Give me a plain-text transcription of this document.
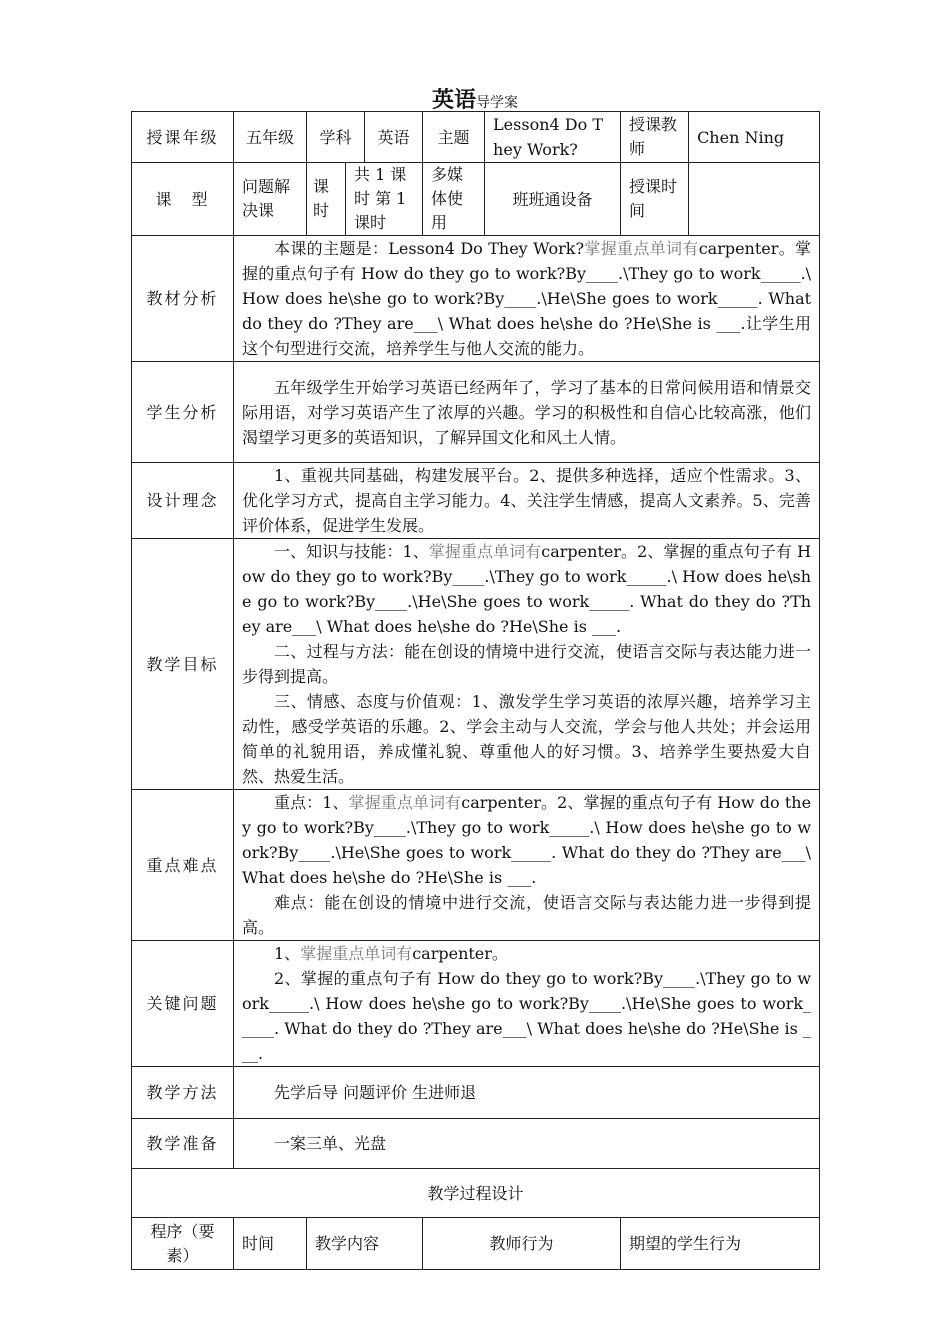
英语导学案
授课年级	五年级	学科		英语	主题	Lesson4 Do They Work?	授课教师	Chen Ning
课　型	问题解决课	课时	共 1 课时 第 1 课时		多媒体使用	班班通设备	授课时间	
教材分析	本课的主题是：Lesson4 Do They Work?掌握重点单词有carpenter。掌握的重点句子有 How do they go to work?By____.\They go to work_____.\ How does he\she go to work?By____.\He\She goes to work_____. What do they do ?They are___\ What does he\she do ?He\She is ___.让学生用这个句型进行交流，培养学生与他人交流的能力。							

学生分析	五年级学生开始学习英语已经两年了，学习了基本的日常问候用语和情景交际用语，对学习英语产生了浓厚的兴趣。学习的积极性和自信心比较高涨，他们渴望学习更多的英语知识，了解异国文化和风土人情。							

设计理念	1、重视共同基础，构建发展平台。2、提供多种选择，适应个性需求。3、优化学习方式，提高自主学习能力。4、关注学生情感，提高人文素养。5、完善评价体系，促进学生发展。							

教学目标	一、知识与技能：1、掌握重点单词有carpenter。2、掌握的重点句子有 How do they go to work?By____.\They go to work_____.\ How does he\she go to work?By____.\He\She goes to work_____. What do they do ?They are___\ What does he\she do ?He\She is ___.
二、过程与方法：能在创设的情境中进行交流，使语言交际与表达能力进一步得到提高。
三、情感、态度与价值观：1、激发学生学习英语的浓厚兴趣，培养学习主动性，感受学英语的乐趣。2、学会主动与人交流，学会与他人共处；并会运用简单的礼貌用语，养成懂礼貌、尊重他人的好习惯。3、培养学生要热爱大自然、热爱生活。							

重点难点	重点：1、掌握重点单词有carpenter。2、掌握的重点句子有 How do they go to work?By____.\They go to work_____.\ How does he\she go to work?By____.\He\She goes to work_____. What do they do ?They are___\ What does he\she do ?He\She is ___.
难点：能在创设的情境中进行交流，使语言交际与表达能力进一步得到提高。							

关键问题	1、掌握重点单词有carpenter。
2、掌握的重点句子有 How do they go to work?By____.\They go to work_____.\ How does he\she go to work?By____.\He\She goes to work_____. What do they do ?They are___\ What does he\she do ?He\She is ___.							

教学方法	先学后导 问题评价 生进师退							

教学准备	一案三单、光盘							

教学过程设计								
程序（要素）	时间	教学内容			教师行为		期望的学生行为	
